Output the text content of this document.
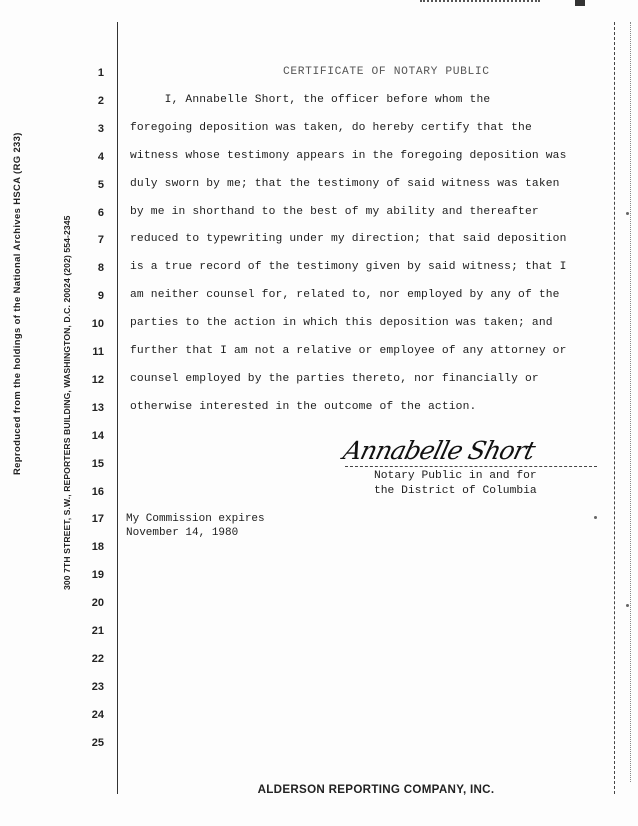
Reproduced from the holdings of the National Archives HSCA (RG 233)	300 7TH STREET, S.W., REPORTERS BUILDING, WASHINGTON, D.C. 20024 (202) 554-2345
1
2
3
4
5
6
7
8
9
10
11
12
13
14
15
16
17
18
19
20
21
22
23
24
25
CERTIFICATE OF NOTARY PUBLIC
I, Annabelle Short, the officer before whom the
foregoing deposition was taken, do hereby certify that the
witness whose testimony appears in the foregoing deposition was
duly sworn by me; that the testimony of said witness was taken
by me in shorthand to the best of my ability and thereafter
reduced to typewriting under my direction; that said deposition
is a true record of the testimony given by said witness; that I
am neither counsel for, related to, nor employed by any of the
parties to the action in which this deposition was taken; and
further that I am not a relative or employee of any attorney or
counsel employed by the parties thereto, nor financially or
otherwise interested in the outcome of the action.
Annabelle Short
Notary Public in and for
the District of Columbia
My Commission expires
November 14, 1980
ALDERSON REPORTING COMPANY, INC.
